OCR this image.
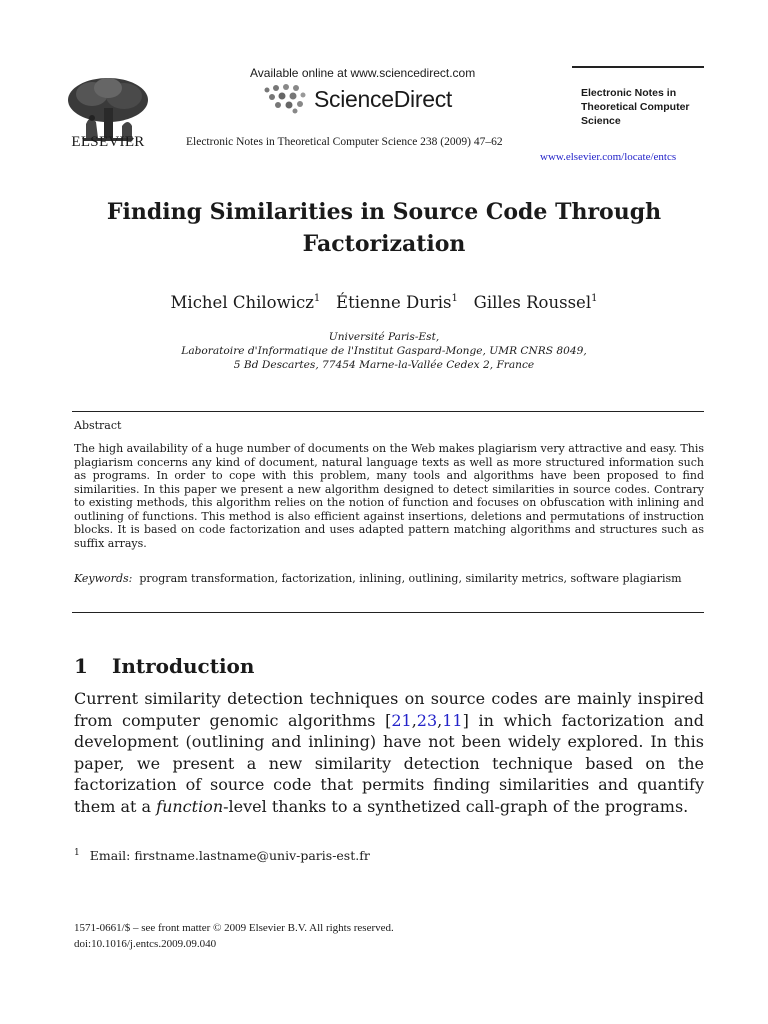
ELSEVIER
Available online at www.sciencedirect.com
ScienceDirect
Electronic Notes in Theoretical Computer Science 238 (2009) 47–62
Electronic Notes in Theoretical Computer Science
www.elsevier.com/locate/entcs
Finding Similarities in Source Code Through Factorization
Michel Chilowicz$^1$ Étienne Duris$^1$ Gilles Roussel$^1$
Université Paris-Est,
Laboratoire d'Informatique de l'Institut Gaspard-Monge, UMR CNRS 8049,
5 Bd Descartes, 77454 Marne-la-Vallée Cedex 2, France
Abstract
The high availability of a huge number of documents on the Web makes plagiarism very attractive and easy. This plagiarism concerns any kind of document, natural language texts as well as more structured information such as programs. In order to cope with this problem, many tools and algorithms have been proposed to find similarities. In this paper we present a new algorithm designed to detect similarities in source codes. Contrary to existing methods, this algorithm relies on the notion of function and focuses on obfuscation with inlining and outlining of functions. This method is also efficient against insertions, deletions and permutations of instruction blocks. It is based on code factorization and uses adapted pattern matching algorithms and structures such as suffix arrays.
Keywords: program transformation, factorization, inlining, outlining, similarity metrics, software plagiarism
1 Introduction
Current similarity detection techniques on source codes are mainly inspired from computer genomic algorithms [21,23,11] in which factorization and development (outlining and inlining) have not been widely explored. In this paper, we present a new similarity detection technique based on the factorization of source code that permits finding similarities and quantify them at a function-level thanks to a synthetized call-graph of the programs.
$^1$ Email: firstname.lastname@univ-paris-est.fr
1571-0661/$ – see front matter © 2009 Elsevier B.V. All rights reserved.
doi:10.1016/j.entcs.2009.09.040
